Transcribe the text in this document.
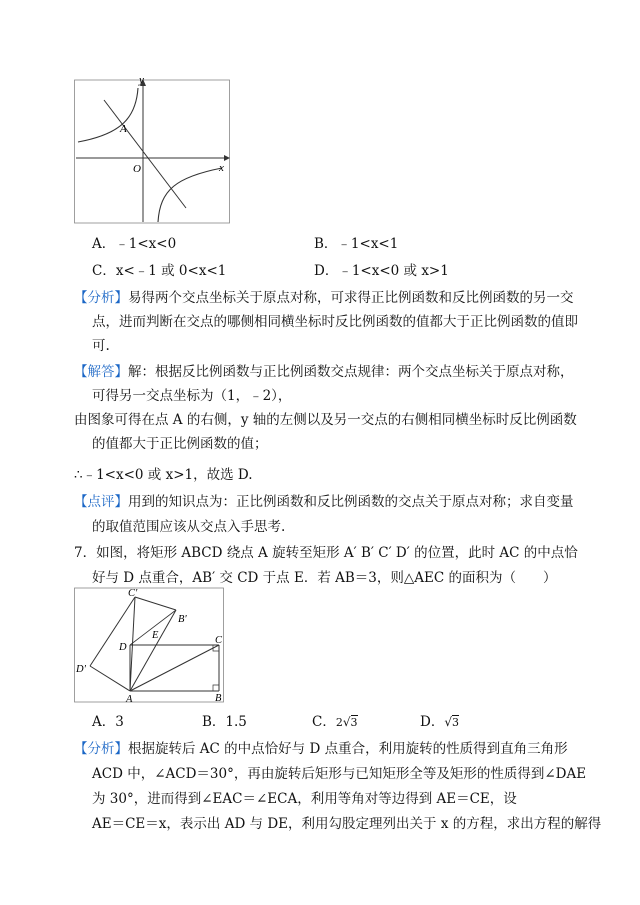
y
x
O
A
A．﹣1<x<0	B．﹣1<x<1
C．x<﹣1 或 0<x<1	D．﹣1<x<0 或 x>1
【分析】易得两个交点坐标关于原点对称，可求得正比例函数和反比例函数的另一交
点，进而判断在交点的哪侧相同横坐标时反比例函数的值都大于正比例函数的值即
可.
【解答】解：根据反比例函数与正比例函数交点规律：两个交点坐标关于原点对称，
可得另一交点坐标为（1，﹣2），
由图象可得在点 A 的右侧，y 轴的左侧以及另一交点的右侧相同横坐标时反比例函数
的值都大于正比例函数的值；
∴﹣1<x<0 或 x>1，故选 D.
【点评】用到的知识点为：正比例函数和反比例函数的交点关于原点对称；求自变量
的取值范围应该从交点入手思考.
7．如图，将矩形 ABCD 绕点 A 旋转至矩形 A′ B′ C′ D′ 的位置，此时 AC 的中点恰
好与 D 点重合，AB′ 交 CD 于点 E．若 AB＝3，则△AEC 的面积为（　　）
C'
B'
E
D
C
D'
A	B
A．3	B．1.5	C．2√3	D．√3
【分析】根据旋转后 AC 的中点恰好与 D 点重合，利用旋转的性质得到直角三角形
ACD 中，∠ACD＝30°，再由旋转后矩形与已知矩形全等及矩形的性质得到∠DAE
为 30°，进而得到∠EAC＝∠ECA，利用等角对等边得到 AE＝CE，设
AE＝CE＝x，表示出 AD 与 DE，利用勾股定理列出关于 x 的方程，求出方程的解得
